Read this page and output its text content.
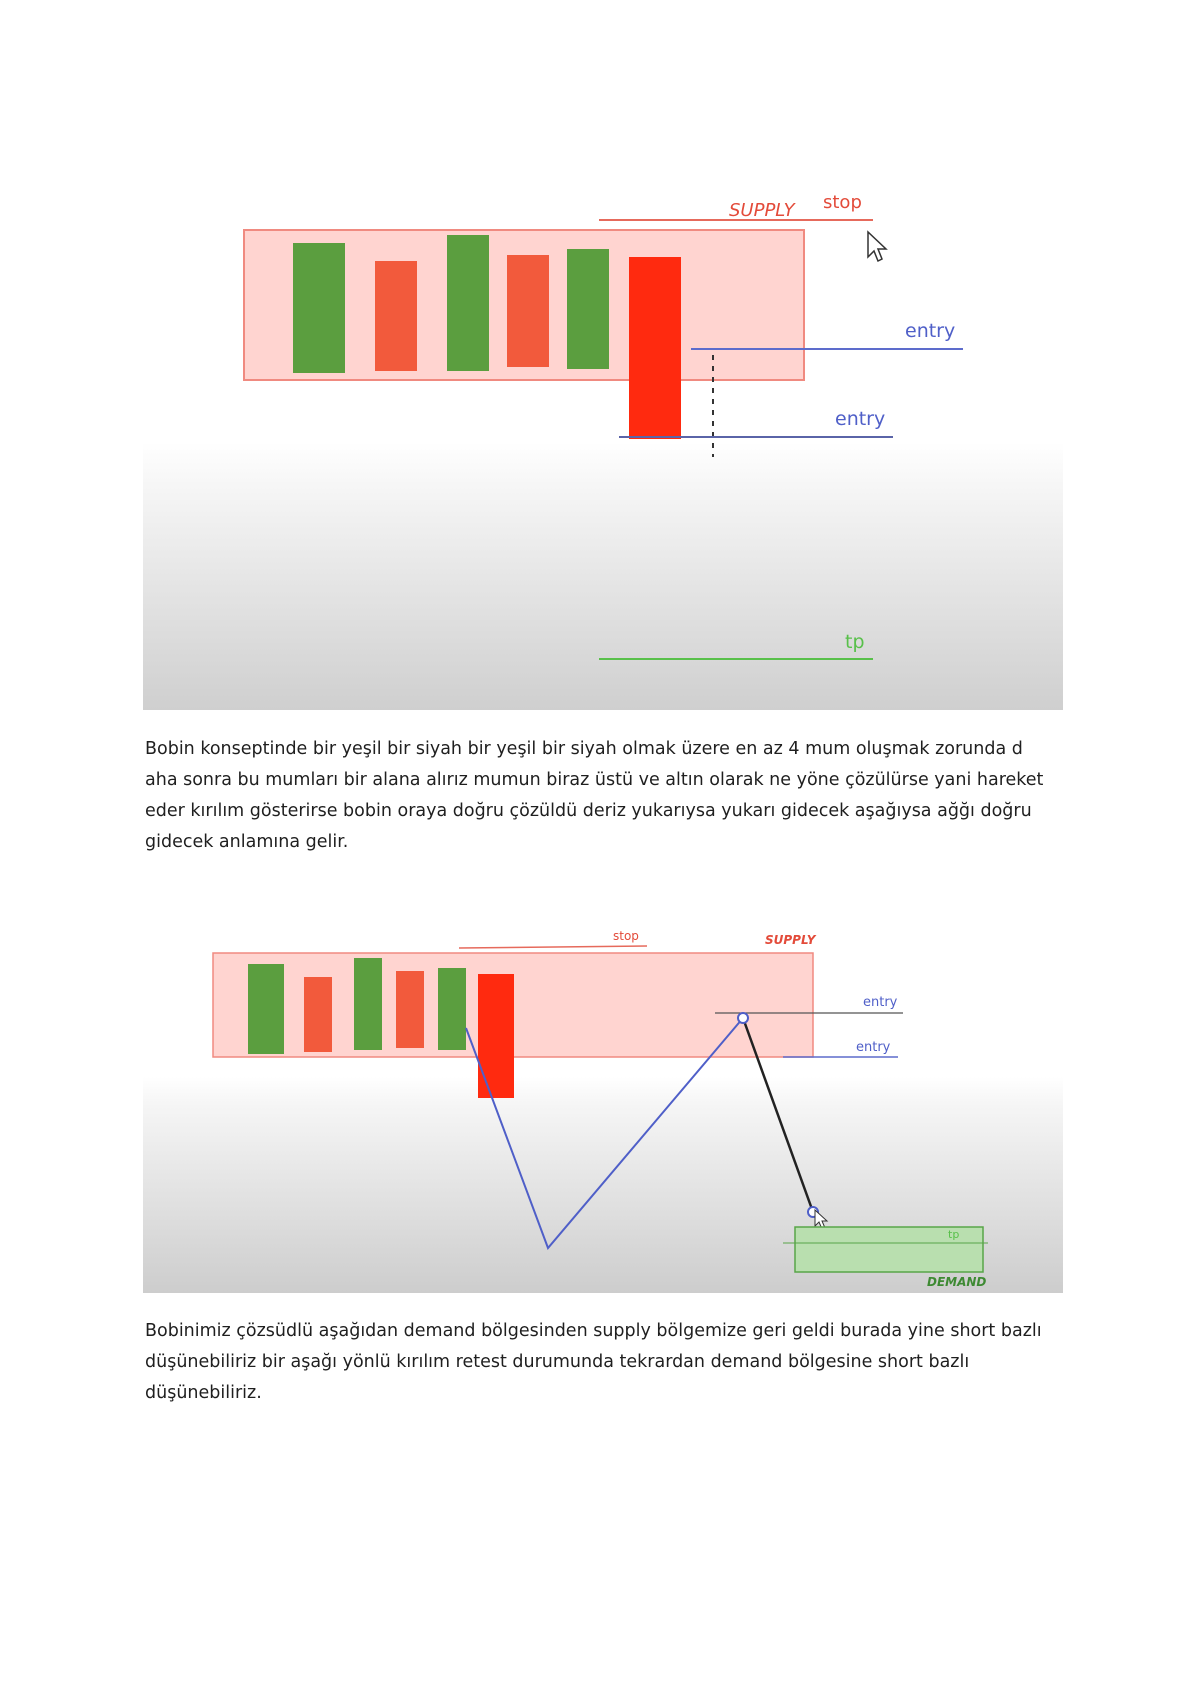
SUPPLY stop
entry
entry
tp

Bobin konseptinde bir yeşil bir siyah bir yeşil bir siyah olmak üzere en az 4 mum oluşmak zorunda d aha sonra bu mumları bir alana alırız mumun biraz üstü ve altın olarak ne yöne çözülürse yani hareket eder kırılım gösterirse bobin oraya doğru çözüldü deriz yukarıysa yukarı gidecek aşağıysa ağğı doğru gidecek anlamına gelir.

stop	SUPPLY
entry
entry
tp
DEMAND

Bobinimiz çözsüdlü aşağıdan demand bölgesinden supply bölgemize geri geldi burada yine short bazlı düşünebiliriz bir aşağı yönlü kırılım retest durumunda tekrardan demand bölgesine short bazlı düşünebiliriz.
